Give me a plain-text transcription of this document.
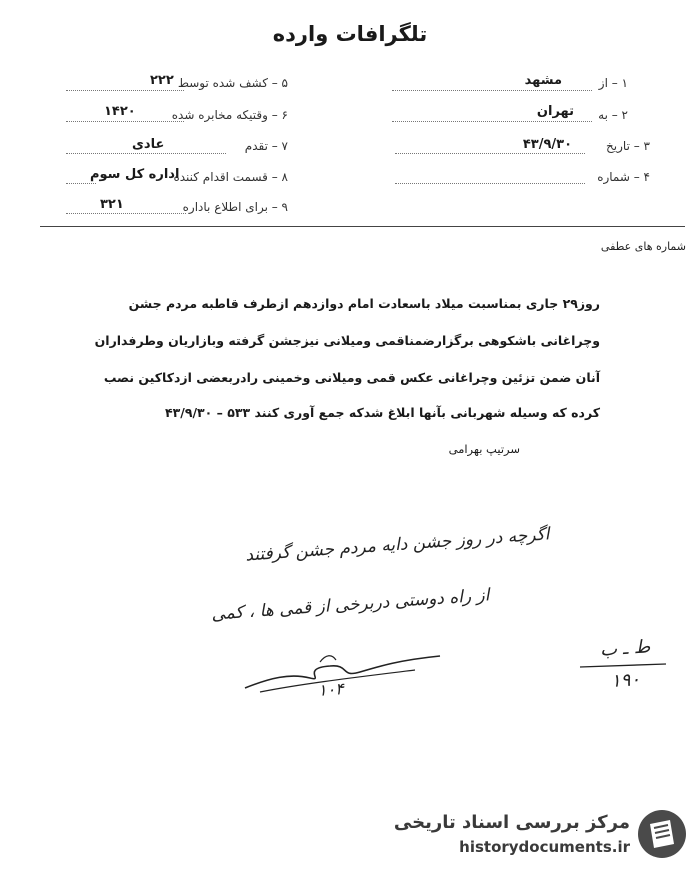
تلگرافات وارده
۱ – از
مشهد
۲ – به
تهران
۳ – تاریخ
۴۳/۹/۳۰
۴ – شماره
۵ – کشف شده توسط
۲۲۲
۶ – وقتیکه مخابره شده
۱۴۲۰
۷ – تقدم
عادی
۸ – قسمت اقدام کننده
اداره کل سوم
۹ – برای اطلاع باداره
۳۲۱
شماره های عطفی
روز۲۹ جاری بمناسبت میلاد باسعادت امام دوازدهم ازطرف قاطبه مردم جشن
وچراغانی باشکوهی برگزارضمناقمی ومیلانی نیزجشن گرفته وبازاریان وطرفداران
آنان ضمن تزئین وچراغانی عکس قمی ومیلانی وخمینی رادربعضی ازدکاکین نصب
کرده که وسیله شهربانی بآنها ابلاغ شدکه جمع آوری کنند ۵۳۳ – ۴۳/۹/۳۰
سرتیپ بهرامی
اگرچه در روز جشن دایه مردم جشن گرفتند
از راه دوستی دربرخی از قمی ها ، کمی
۱۰۴
ط ـ ب
۱۹۰
مرکز بررسی اسناد تاریخی
historydocuments.ir
